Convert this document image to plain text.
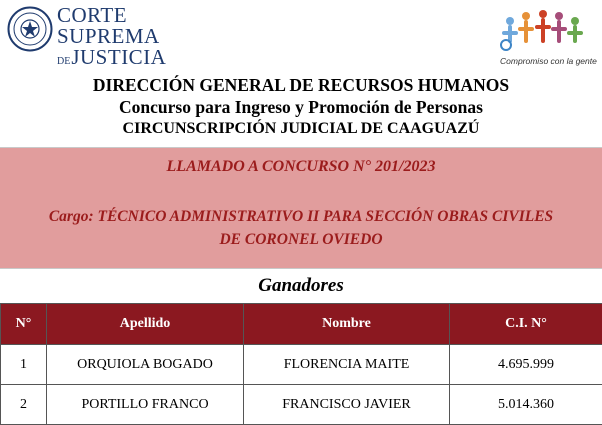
CORTE
SUPREMA
DEJUSTICIA	Compromiso con la gente
DIRECCIÓN GENERAL DE RECURSOS HUMANOS
Concurso para Ingreso y Promoción de Personas
CIRCUNSCRIPCIÓN JUDICIAL DE CAAGUAZÚ
LLAMADO A CONCURSO N° 201/2023
Cargo: TÉCNICO ADMINISTRATIVO II PARA SECCIÓN OBRAS CIVILES
DE CORONEL OVIEDO
Ganadores
N°	Apellido	Nombre	C.I. N°
1	ORQUIOLA BOGADO	FLORENCIA MAITE	4.695.999
2	PORTILLO FRANCO	FRANCISCO JAVIER	5.014.360
